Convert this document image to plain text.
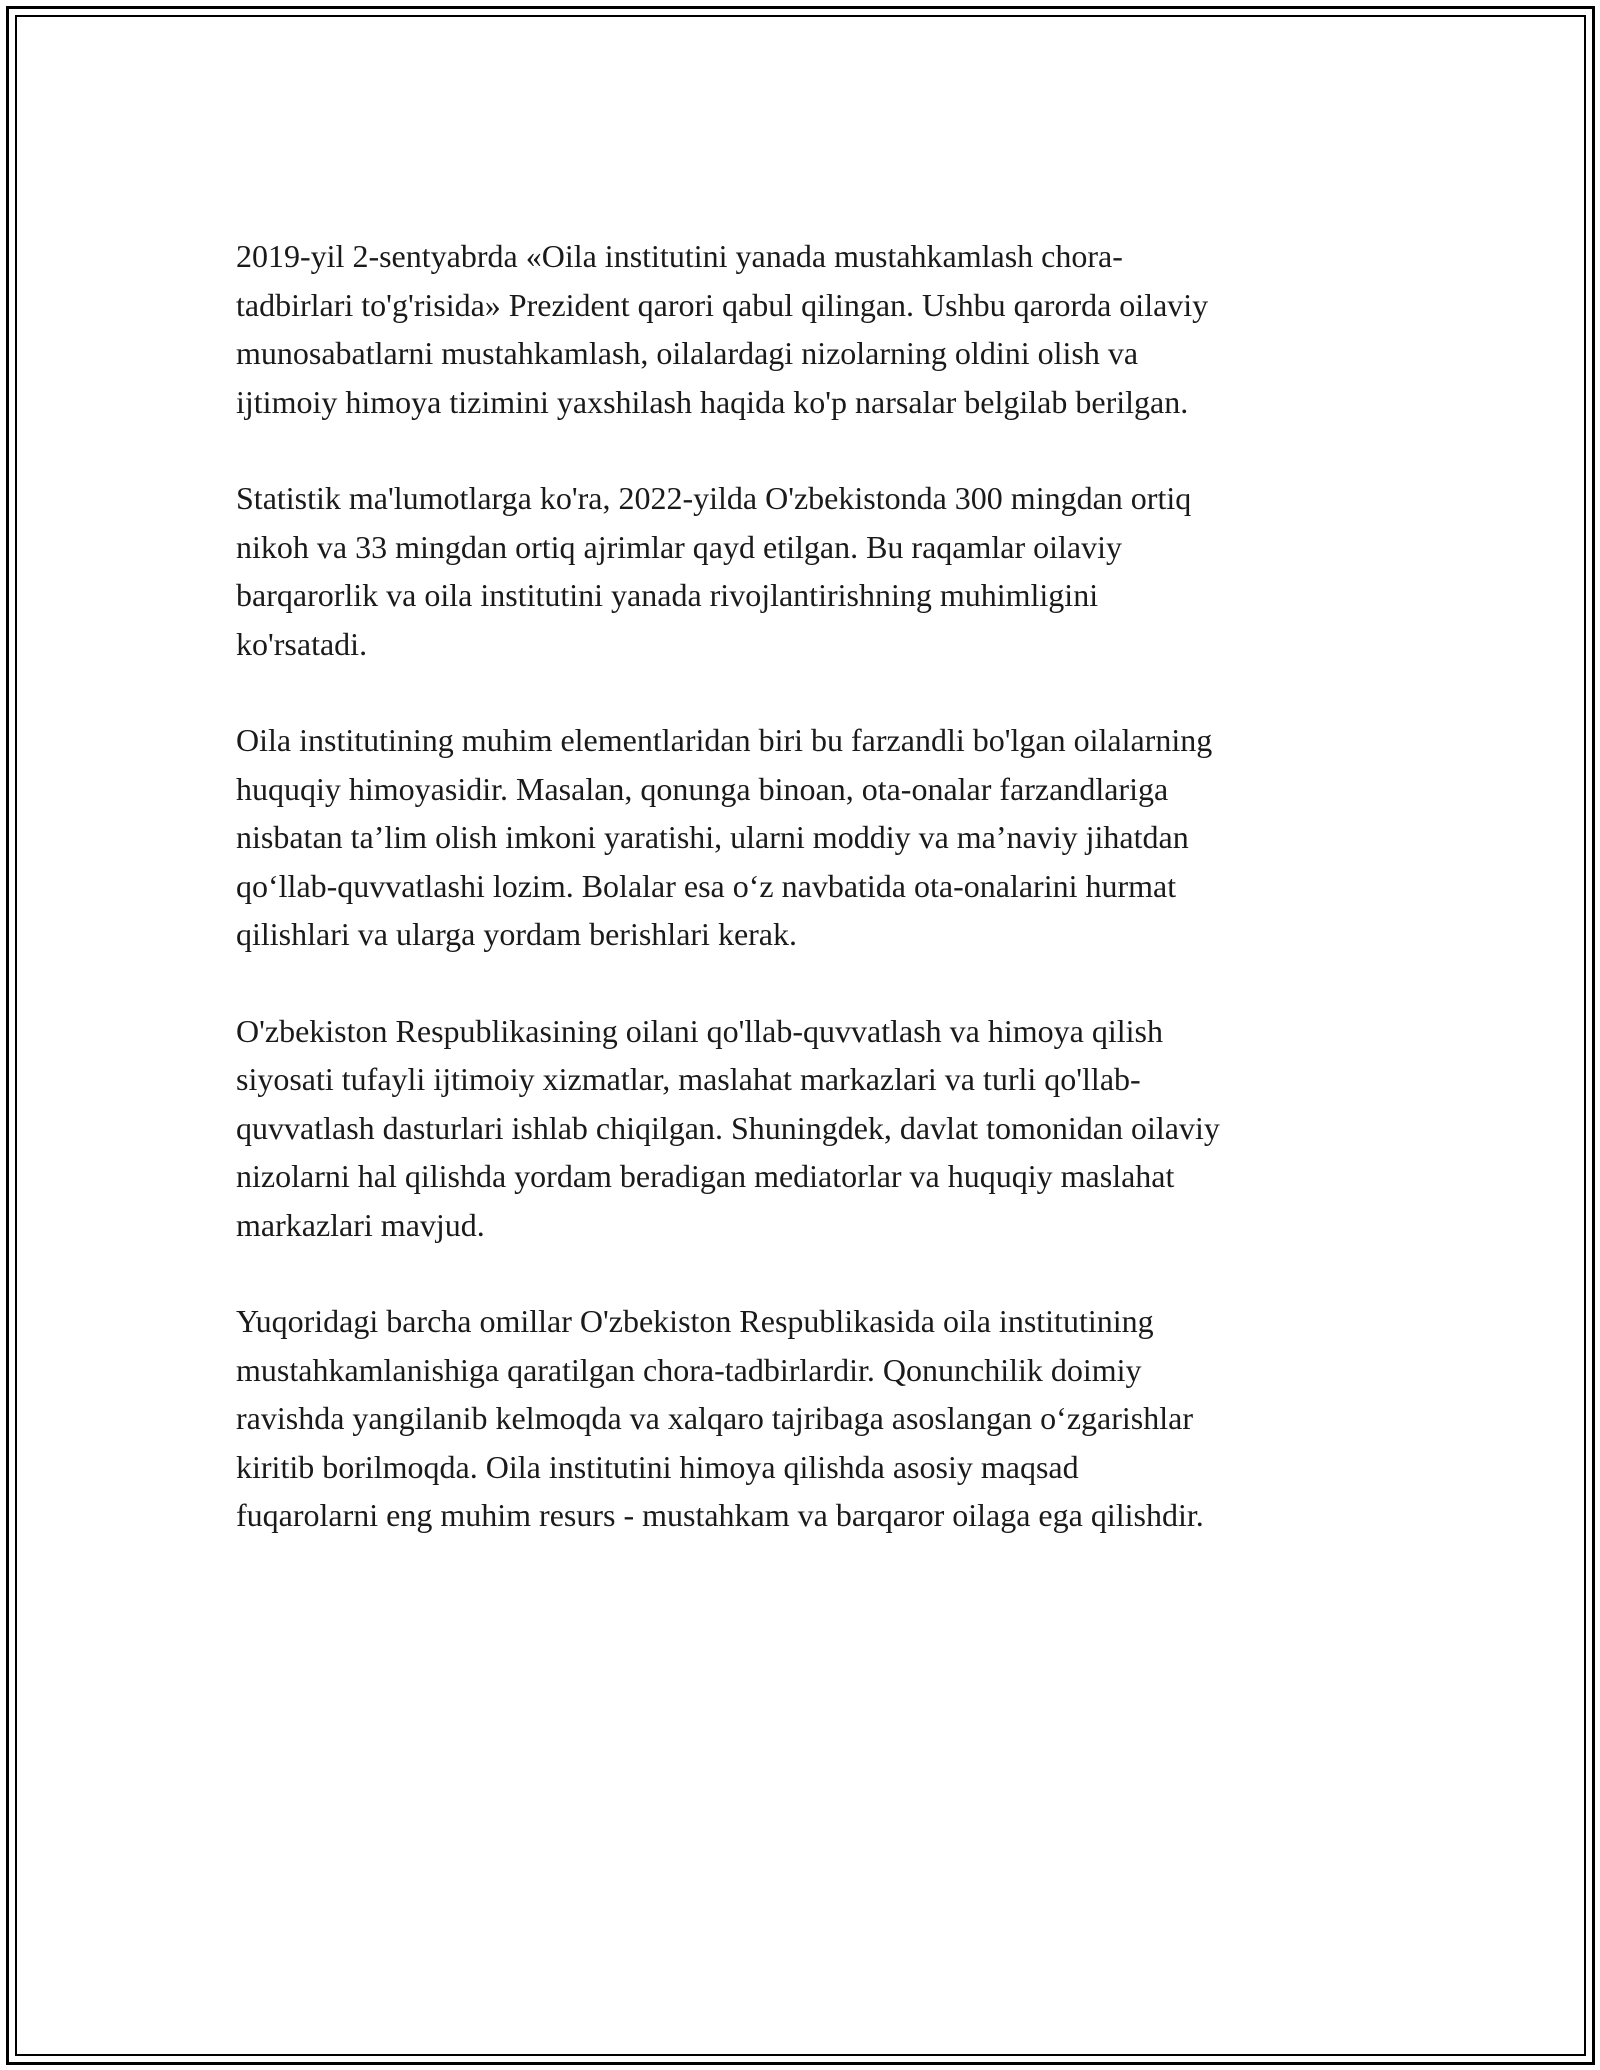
2019-yil 2-sentyabrda «Oila institutini yanada mustahkamlash chora-
tadbirlari to'g'risida» Prezident qarori qabul qilingan. Ushbu qarorda oilaviy
munosabatlarni mustahkamlash, oilalardagi nizolarning oldini olish va
ijtimoiy himoya tizimini yaxshilash haqida ko'p narsalar belgilab berilgan.

Statistik ma'lumotlarga ko'ra, 2022-yilda O'zbekistonda 300 mingdan ortiq
nikoh va 33 mingdan ortiq ajrimlar qayd etilgan. Bu raqamlar oilaviy
barqarorlik va oila institutini yanada rivojlantirishning muhimligini
ko'rsatadi.

Oila institutining muhim elementlaridan biri bu farzandli bo'lgan oilalarning
huquqiy himoyasidir. Masalan, qonunga binoan, ota-onalar farzandlariga
nisbatan ta’lim olish imkoni yaratishi, ularni moddiy va ma’naviy jihatdan
qo‘llab-quvvatlashi lozim. Bolalar esa o‘z navbatida ota-onalarini hurmat
qilishlari va ularga yordam berishlari kerak.

O'zbekiston Respublikasining oilani qo'llab-quvvatlash va himoya qilish
siyosati tufayli ijtimoiy xizmatlar, maslahat markazlari va turli qo'llab-
quvvatlash dasturlari ishlab chiqilgan. Shuningdek, davlat tomonidan oilaviy
nizolarni hal qilishda yordam beradigan mediatorlar va huquqiy maslahat
markazlari mavjud.

Yuqoridagi barcha omillar O'zbekiston Respublikasida oila institutining
mustahkamlanishiga qaratilgan chora-tadbirlardir. Qonunchilik doimiy
ravishda yangilanib kelmoqda va xalqaro tajribaga asoslangan o‘zgarishlar
kiritib borilmoqda. Oila institutini himoya qilishda asosiy maqsad
fuqarolarni eng muhim resurs - mustahkam va barqaror oilaga ega qilishdir.
